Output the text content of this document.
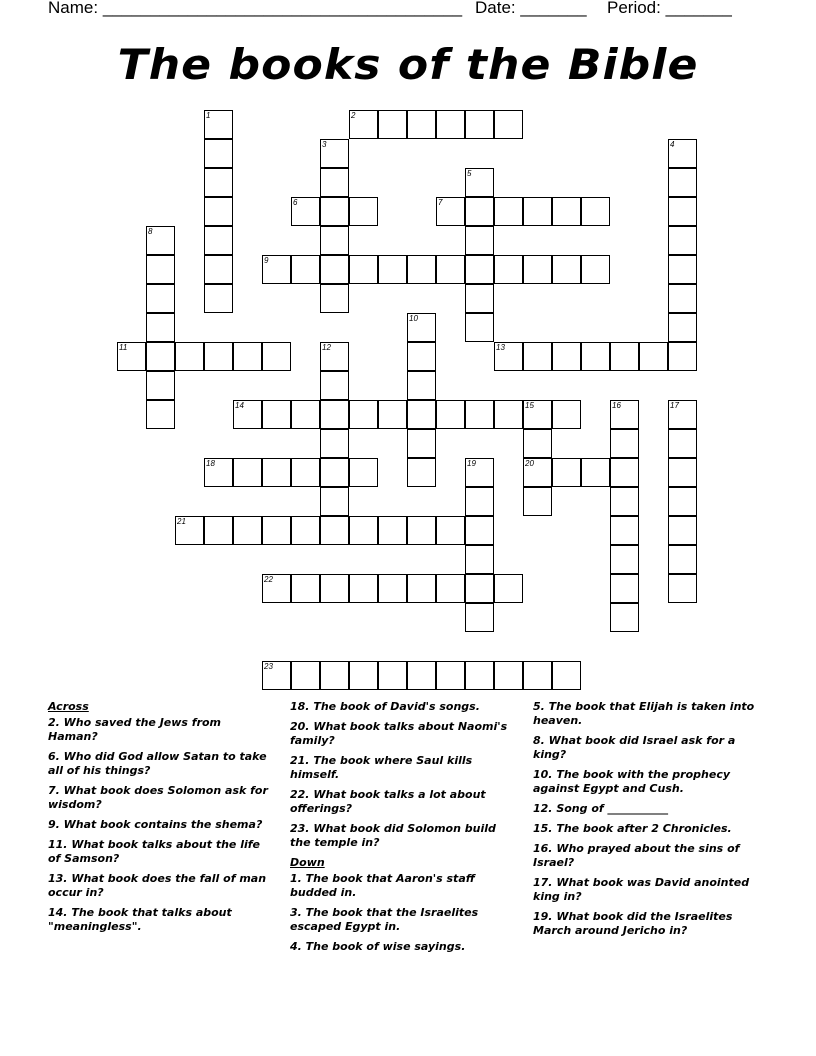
Name: ______________________________________ Date: _______ Period: _______
The books of the Bible
1	2
3	4
5
6	7
8
9
10
11	12	13
14	15
20
16	17
18	19
21
22
23
Across
2. Who saved the Jews from Haman?
6. Who did God allow Satan to take all of his things?
7. What book does Solomon ask for wisdom?
9. What book contains the shema?
11. What book talks about the life of Samson?
13. What book does the fall of man occur in?
14. The book that talks about "meaningless".
18. The book of David's songs.
20. What book talks about Naomi's family?
21. The book where Saul kills himself.
22. What book talks a lot about offerings?
23. What book did Solomon build the temple in?
Down
1. The book that Aaron's staff budded in.
3. The book that the Israelites escaped Egypt in.
4. The book of wise sayings.
5. The book that Elijah is taken into heaven.
8. What book did Israel ask for a king?
10. The book with the prophecy against Egypt and Cush.
12. Song of ___________
15. The book after 2 Chronicles.
16. Who prayed about the sins of Israel?
17. What book was David anointed king in?
19. What book did the Israelites March around Jericho in?
